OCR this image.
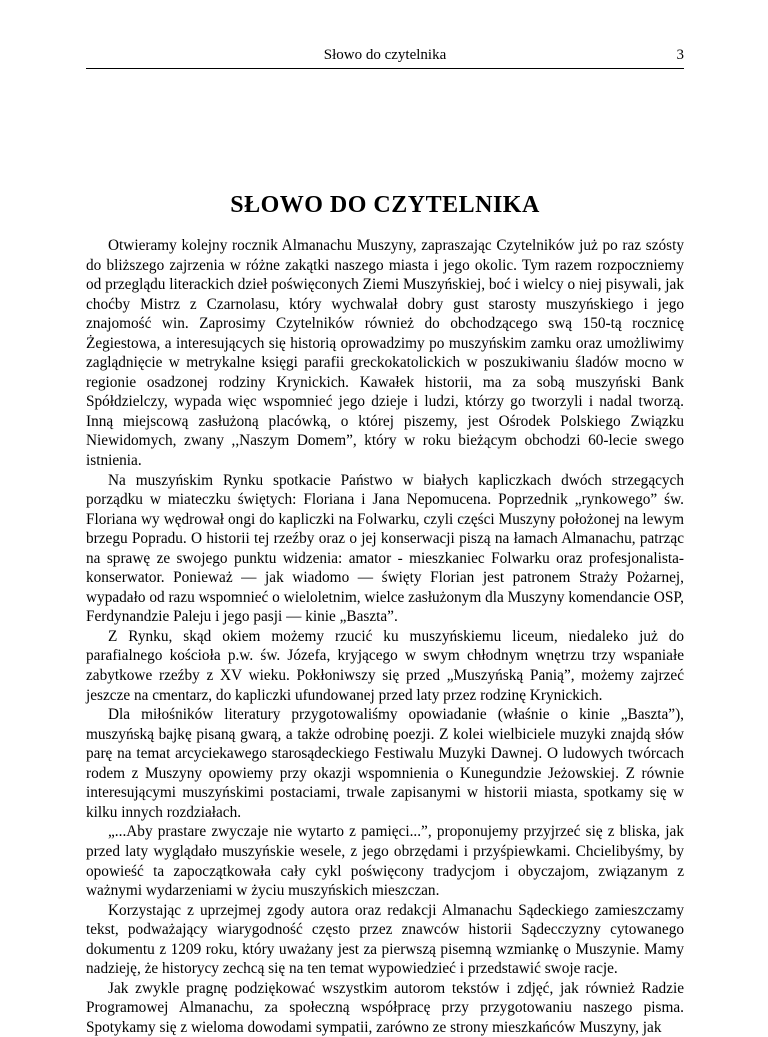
Słowo do czytelnika	3
SŁOWO DO CZYTELNIKA

Otwieramy kolejny rocznik Almanachu Muszyny, zapraszając Czytelników już po raz szósty do bliższego zajrzenia w różne zakątki naszego miasta i jego okolic. Tym razem rozpoczniemy od przeglądu literackich dzieł poświęconych Ziemi Muszyńskiej, boć i wielcy o niej pisywali, jak choćby Mistrz z Czarnolasu, który wychwalał dobry gust starosty muszyńskiego i jego znajomość win. Zaprosimy Czytelników również do obchodzącego swą 150-tą rocznicę Żegiestowa, a interesujących się historią oprowadzimy po muszyńskim zamku oraz umożliwimy zaglądnięcie w metrykalne księgi parafii greckokatolickich w poszukiwaniu śladów mocno w regionie osadzonej rodziny Krynickich. Kawałek historii, ma za sobą muszyński Bank Spółdzielczy, wypada więc wspomnieć jego dzieje i ludzi, którzy go tworzyli i nadal tworzą. Inną miejscową zasłużoną placówką, o której piszemy, jest Ośrodek Polskiego Związku Niewidomych, zwany ,,Naszym Domem”, który w roku bieżącym obchodzi 60-lecie swego istnienia.

Na muszyńskim Rynku spotkacie Państwo w białych kapliczkach dwóch strzegących porządku w miateczku świętych: Floriana i Jana Nepomucena. Poprzednik „rynkowego” św. Floriana wy wędrował ongi do kapliczki na Folwarku, czyli części Muszyny położonej na lewym brzegu Popradu. O historii tej rzeźby oraz o jej konserwacji piszą na łamach Almanachu, patrząc na sprawę ze swojego punktu widzenia: amator - mieszkaniec Folwarku oraz profesjonalista-konserwator. Ponieważ — jak wiadomo — święty Florian jest patronem Straży Pożarnej, wypadało od razu wspomnieć o wieloletnim, wielce zasłużonym dla Muszyny komendancie OSP, Ferdynandzie Paleju i jego pasji — kinie „Baszta”.

Z Rynku, skąd okiem możemy rzucić ku muszyńskiemu liceum, niedaleko już do parafialnego kościoła p.w. św. Józefa, kryjącego w swym chłodnym wnętrzu trzy wspaniałe zabytkowe rzeźby z XV wieku. Pokłoniwszy się przed „Muszyńską Panią”, możemy zajrzeć jeszcze na cmentarz, do kapliczki ufundowanej przed laty przez rodzinę Krynickich.

Dla miłośników literatury przygotowaliśmy opowiadanie (właśnie o kinie „Baszta”), muszyńską bajkę pisaną gwarą, a także odrobinę poezji. Z kolei wielbiciele muzyki znajdą słów parę na temat arcyciekawego starosądeckiego Festiwalu Muzyki Dawnej. O ludowych twórcach rodem z Muszyny opowiemy przy okazji wspomnienia o Kunegundzie Jeżowskiej. Z równie interesującymi muszyńskimi postaciami, trwale zapisanymi w historii miasta, spotkamy się w kilku innych rozdziałach.

„...Aby prastare zwyczaje nie wytarto z pamięci...”, proponujemy przyjrzeć się z bliska, jak przed laty wyglądało muszyńskie wesele, z jego obrzędami i przyśpiewkami. Chcielibyśmy, by opowieść ta zapoczątkowała cały cykl poświęcony tradycjom i obyczajom, związanym z ważnymi wydarzeniami w życiu muszyńskich mieszczan.

Korzystając z uprzejmej zgody autora oraz redakcji Almanachu Sądeckiego zamieszczamy tekst, podważający wiarygodność często przez znawców historii Sądecczyzny cytowanego dokumentu z 1209 roku, który uważany jest za pierwszą pisemną wzmiankę o Muszynie. Mamy nadzieję, że historycy zechcą się na ten temat wypowiedzieć i przedstawić swoje racje.

Jak zwykle pragnę podziękować wszystkim autorom tekstów i zdjęć, jak również Radzie Programowej Almanachu, za społeczną współpracę przy przygotowaniu naszego pisma. Spotykamy się z wieloma dowodami sympatii, zarówno ze strony mieszkańców Muszyny, jak
